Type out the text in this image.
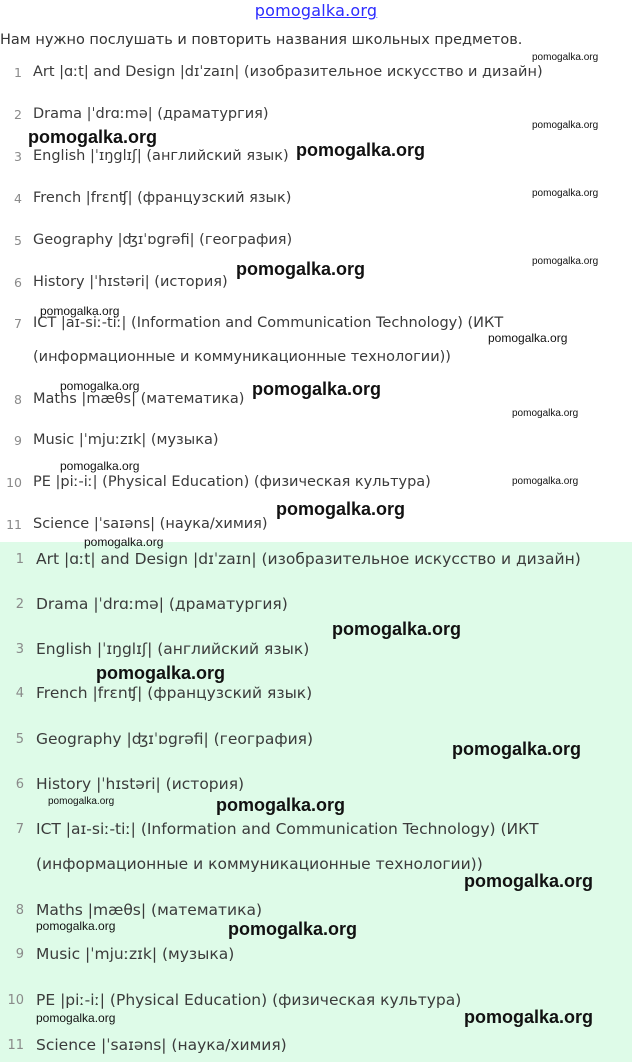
pomogalka.org
Нам нужно послушать и повторить названия школьных предметов.
1 Art |ɑːt| and Design |dɪˈzaɪn| (изобразительное искусство и дизайн)
2 Drama |ˈdrɑːmə| (драматургия)
3 English |ˈɪŋglɪʃ| (английский язык)
4 French |frɛnʧ| (французский язык)
5 Geography |ʤɪˈɒgrəfi| (география)
6 History |ˈhɪstəri| (история)
7 ICT |aɪ-siː-tiː| (Information and Communication Technology) (ИКТ
(информационные и коммуникационные технологии))
8 Maths |mæθs| (математика)
9 Music |ˈmjuːzɪk| (музыка)
10 PE |piː-iː| (Physical Education) (физическая культура)
11 Science |ˈsaɪəns| (наука/химия)
1 Art |ɑːt| and Design |dɪˈzaɪn| (изобразительное искусство и дизайн)
2 Drama |ˈdrɑːmə| (драматургия)
3 English |ˈɪŋglɪʃ| (английский язык)
4 French |frɛnʧ| (французский язык)
5 Geography |ʤɪˈɒgrəfi| (география)
6 History |ˈhɪstəri| (история)
7 ICT |aɪ-siː-tiː| (Information and Communication Technology) (ИКТ
(информационные и коммуникационные технологии))
8 Maths |mæθs| (математика)
9 Music |ˈmjuːzɪk| (музыка)
10 PE |piː-iː| (Physical Education) (физическая культура)
11 Science |ˈsaɪəns| (наука/химия)
pomogalka.org
pomogalka.org
pomogalka.org
pomogalka.org
pomogalka.org
pomogalka.org
pomogalka.org
pomogalka.org
pomogalka.org
pomogalka.org	pomogalka.org
pomogalka.org
pomogalka.org
pomogalka.org
pomogalka.org
pomogalka.org
pomogalka.org
pomogalka.org
pomogalka.org
pomogalka.org	pomogalka.org
pomogalka.org
pomogalka.org	pomogalka.org
pomogalka.org	pomogalka.org
